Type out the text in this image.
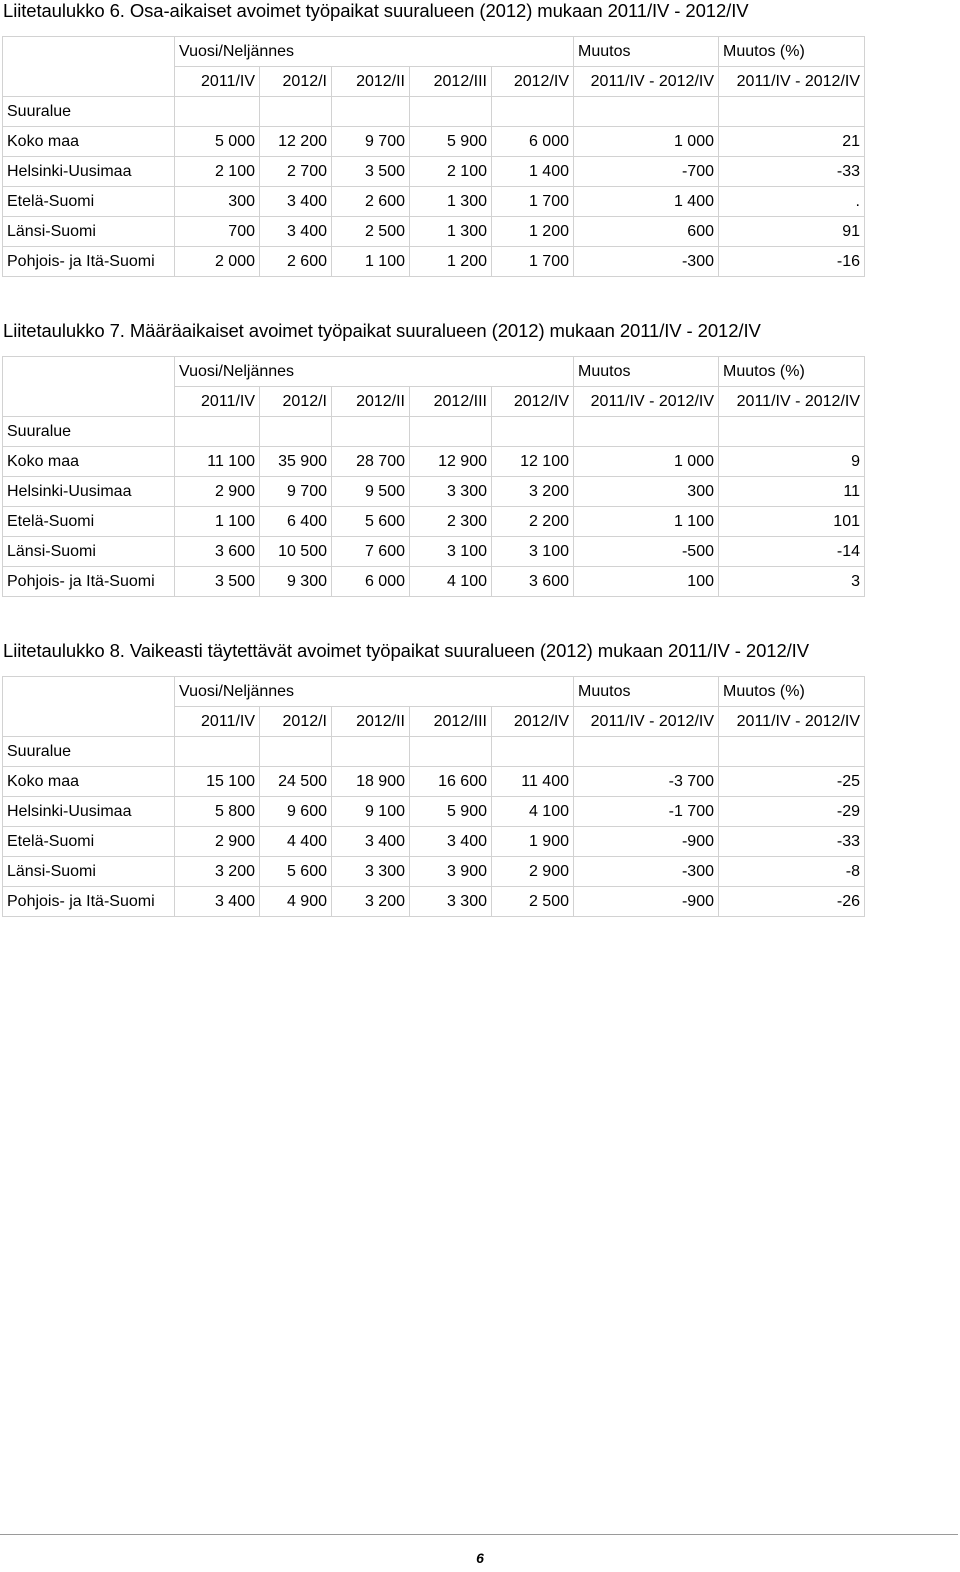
Liitetaulukko 6. Osa-aikaiset avoimet työpaikat suuralueen (2012) mukaan 2011/IV - 2012/IV
	Vuosi/Neljännes					Muutos	Muutos (%)
	2011/IV	2012/I	2012/II	2012/III	2012/IV	2011/IV - 2012/IV	2011/IV - 2012/IV
Suuralue							
Koko maa	5 000	12 200	9 700	5 900	6 000	1 000	21
Helsinki-Uusimaa	2 100	2 700	3 500	2 100	1 400	-700	-33
Etelä-Suomi	300	3 400	2 600	1 300	1 700	1 400	.
Länsi-Suomi	700	3 400	2 500	1 300	1 200	600	91
Pohjois- ja Itä-Suomi	2 000	2 600	1 100	1 200	1 700	-300	-16
Liitetaulukko 7. Määräaikaiset avoimet työpaikat suuralueen (2012) mukaan 2011/IV - 2012/IV
	Vuosi/Neljännes					Muutos	Muutos (%)
	2011/IV	2012/I	2012/II	2012/III	2012/IV	2011/IV - 2012/IV	2011/IV - 2012/IV
Suuralue							
Koko maa	11 100	35 900	28 700	12 900	12 100	1 000	9
Helsinki-Uusimaa	2 900	9 700	9 500	3 300	3 200	300	11
Etelä-Suomi	1 100	6 400	5 600	2 300	2 200	1 100	101
Länsi-Suomi	3 600	10 500	7 600	3 100	3 100	-500	-14
Pohjois- ja Itä-Suomi	3 500	9 300	6 000	4 100	3 600	100	3
Liitetaulukko 8. Vaikeasti täytettävät avoimet työpaikat suuralueen (2012) mukaan 2011/IV - 2012/IV
	Vuosi/Neljännes					Muutos	Muutos (%)
	2011/IV	2012/I	2012/II	2012/III	2012/IV	2011/IV - 2012/IV	2011/IV - 2012/IV
Suuralue							
Koko maa	15 100	24 500	18 900	16 600	11 400	-3 700	-25
Helsinki-Uusimaa	5 800	9 600	9 100	5 900	4 100	-1 700	-29
Etelä-Suomi	2 900	4 400	3 400	3 400	1 900	-900	-33
Länsi-Suomi	3 200	5 600	3 300	3 900	2 900	-300	-8
Pohjois- ja Itä-Suomi	3 400	4 900	3 200	3 300	2 500	-900	-26
6
